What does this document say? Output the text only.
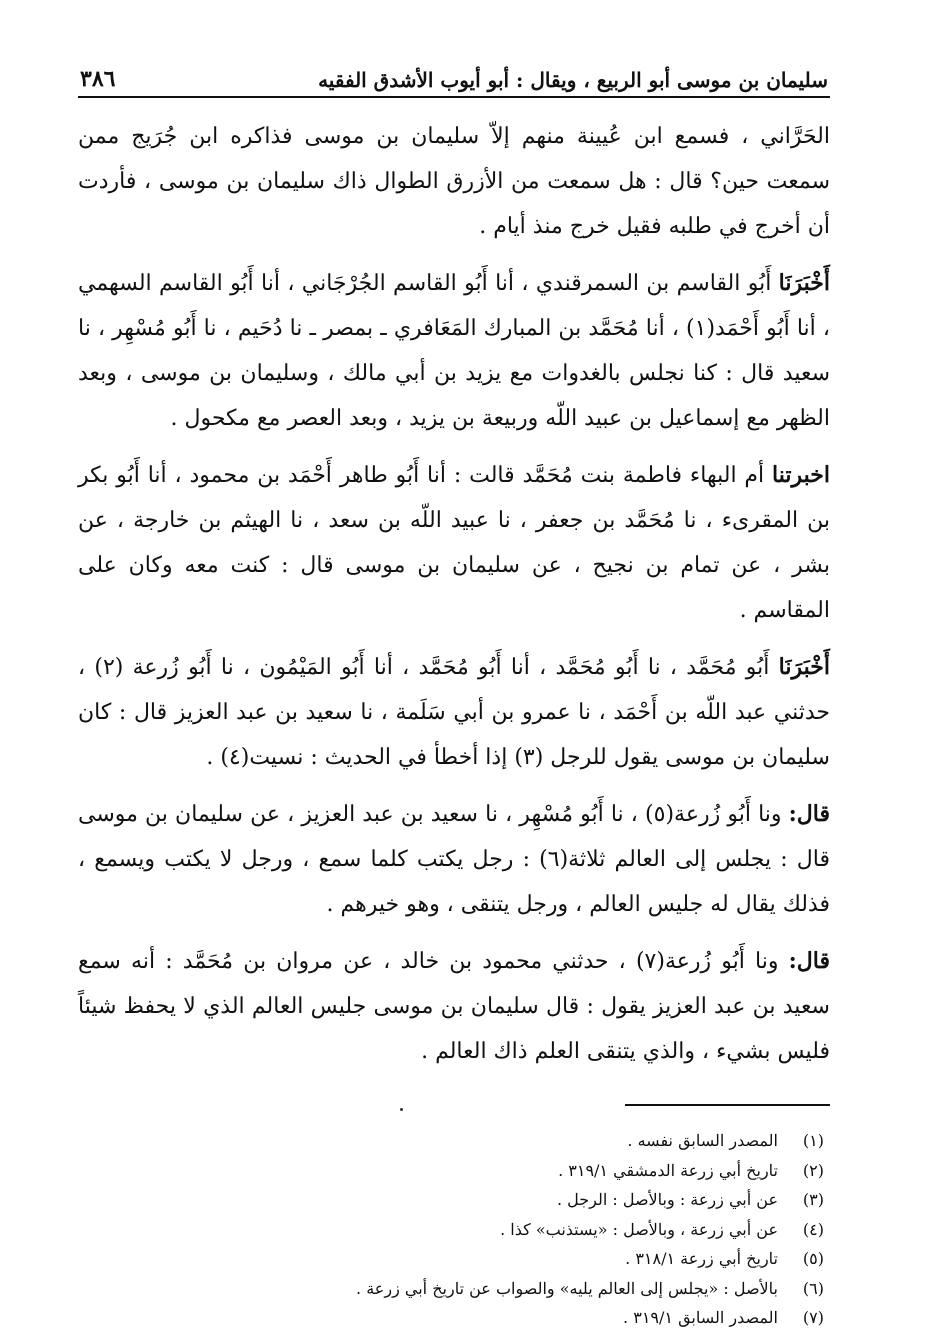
سليمان بن موسى أبو الربيع ، ويقال : أبو أيوب الأشدق الفقيه
٣٨٦

الحَرَّاني ، فسمع ابن عُيينة منهم إلاّ سليمان بن موسى فذاكره ابن جُرَيج ممن سمعت حين؟ قال : هل سمعت من الأزرق الطوال ذاك سليمان بن موسى ، فأردت أن أخرج في طلبه فقيل خرج منذ أيام .

أَخْبَرَنَا أَبُو القاسم بن السمرقندي ، أنا أَبُو القاسم الجُرْجَاني ، أنا أَبُو القاسم السهمي ، أنا أَبُو أَحْمَد(١) ، أنا مُحَمَّد بن المبارك المَعَافري ـ بمصر ـ نا دُحَيم ، نا أَبُو مُسْهِر ، نا سعيد قال : كنا نجلس بالغدوات مع يزيد بن أبي مالك ، وسليمان بن موسى ، وبعد الظهر مع إسماعيل بن عبيد اللّه وربيعة بن يزيد ، وبعد العصر مع مكحول .

اخبرتنا أم البهاء فاطمة بنت مُحَمَّد قالت : أنا أَبُو طاهر أَحْمَد بن محمود ، أنا أَبُو بكر بن المقرىء ، نا مُحَمَّد بن جعفر ، نا عبيد اللّه بن سعد ، نا الهيثم بن خارجة ، عن بشر ، عن تمام بن نجيح ، عن سليمان بن موسى قال : كنت معه وكان على المقاسم .

أَخْبَرَنَا أَبُو مُحَمَّد ، نا أَبُو مُحَمَّد ، أنا أَبُو مُحَمَّد ، أنا أَبُو المَيْمُون ، نا أَبُو زُرعة (٢) ، حدثني عبد اللّه بن أَحْمَد ، نا عمرو بن أبي سَلَمة ، نا سعيد بن عبد العزيز قال : كان سليمان بن موسى يقول للرجل (٣) إذا أخطأ في الحديث : نسيت(٤) .

قال: ونا أَبُو زُرعة(٥) ، نا أَبُو مُسْهِر ، نا سعيد بن عبد العزيز ، عن سليمان بن موسى قال : يجلس إلى العالم ثلاثة(٦) : رجل يكتب كلما سمع ، ورجل لا يكتب ويسمع ، فذلك يقال له جليس العالم ، ورجل يتنقى ، وهو خيرهم .

قال: ونا أَبُو زُرعة(٧) ، حدثني محمود بن خالد ، عن مروان بن مُحَمَّد : أنه سمع سعيد بن عبد العزيز يقول : قال سليمان بن موسى جليس العالم الذي لا يحفظ شيئاً فليس بشيء ، والذي يتنقى العلم ذاك العالم .

(١)
المصدر السابق نفسه .
(٢)
تاريخ أبي زرعة الدمشقي ٣١٩/١ .
(٣)
عن أبي زرعة : وبالأصل : الرجل .
(٤)
عن أبي زرعة ، وبالأصل : «يستذنب» كذا .
(٥)
تاريخ أبي زرعة ٣١٨/١ .
(٦)
بالأصل : «يجلس إلى العالم يليه» والصواب عن تاريخ أبي زرعة .
(٧)
المصدر السابق ٣١٩/١ .
